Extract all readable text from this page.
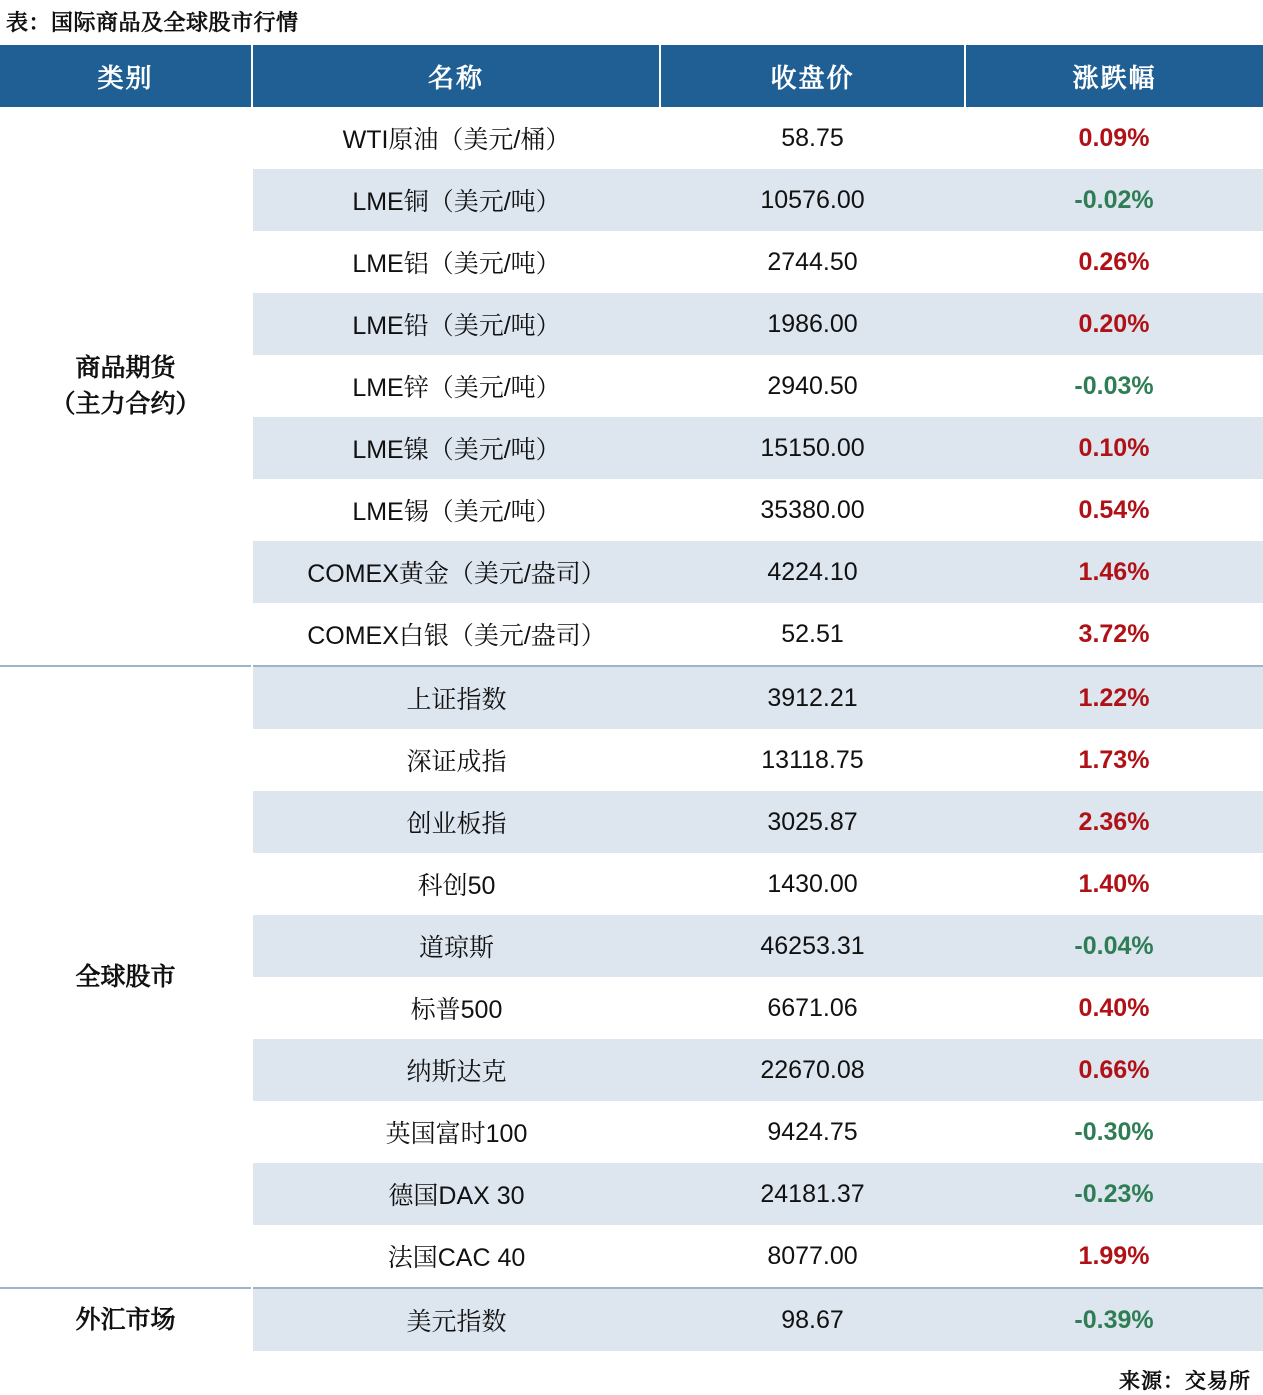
表：国际商品及全球股市行情
类别	名称	收盘价	涨跌幅

商品期货
（主力合约）	WTI原油（美元/桶）	58.75	0.09%
	LME铜（美元/吨）	10576.00	-0.02%
	LME铝（美元/吨）	2744.50	0.26%
	LME铅（美元/吨）	1986.00	0.20%
	LME锌（美元/吨）	2940.50	-0.03%
	LME镍（美元/吨）	15150.00	0.10%
	LME锡（美元/吨）	35380.00	0.54%
	COMEX黄金（美元/盎司）	4224.10	1.46%
	COMEX白银（美元/盎司）	52.51	3.72%

全球股市	上证指数	3912.21	1.22%
	深证成指	13118.75	1.73%
	创业板指	3025.87	2.36%
	科创50	1430.00	1.40%
	道琼斯	46253.31	-0.04%
	标普500	6671.06	0.40%
	纳斯达克	22670.08	0.66%
	英国富时100	9424.75	-0.30%
	德国DAX 30	24181.37	-0.23%
	法国CAC 40	8077.00	1.99%

外汇市场	美元指数	98.67	-0.39%
来源：交易所
